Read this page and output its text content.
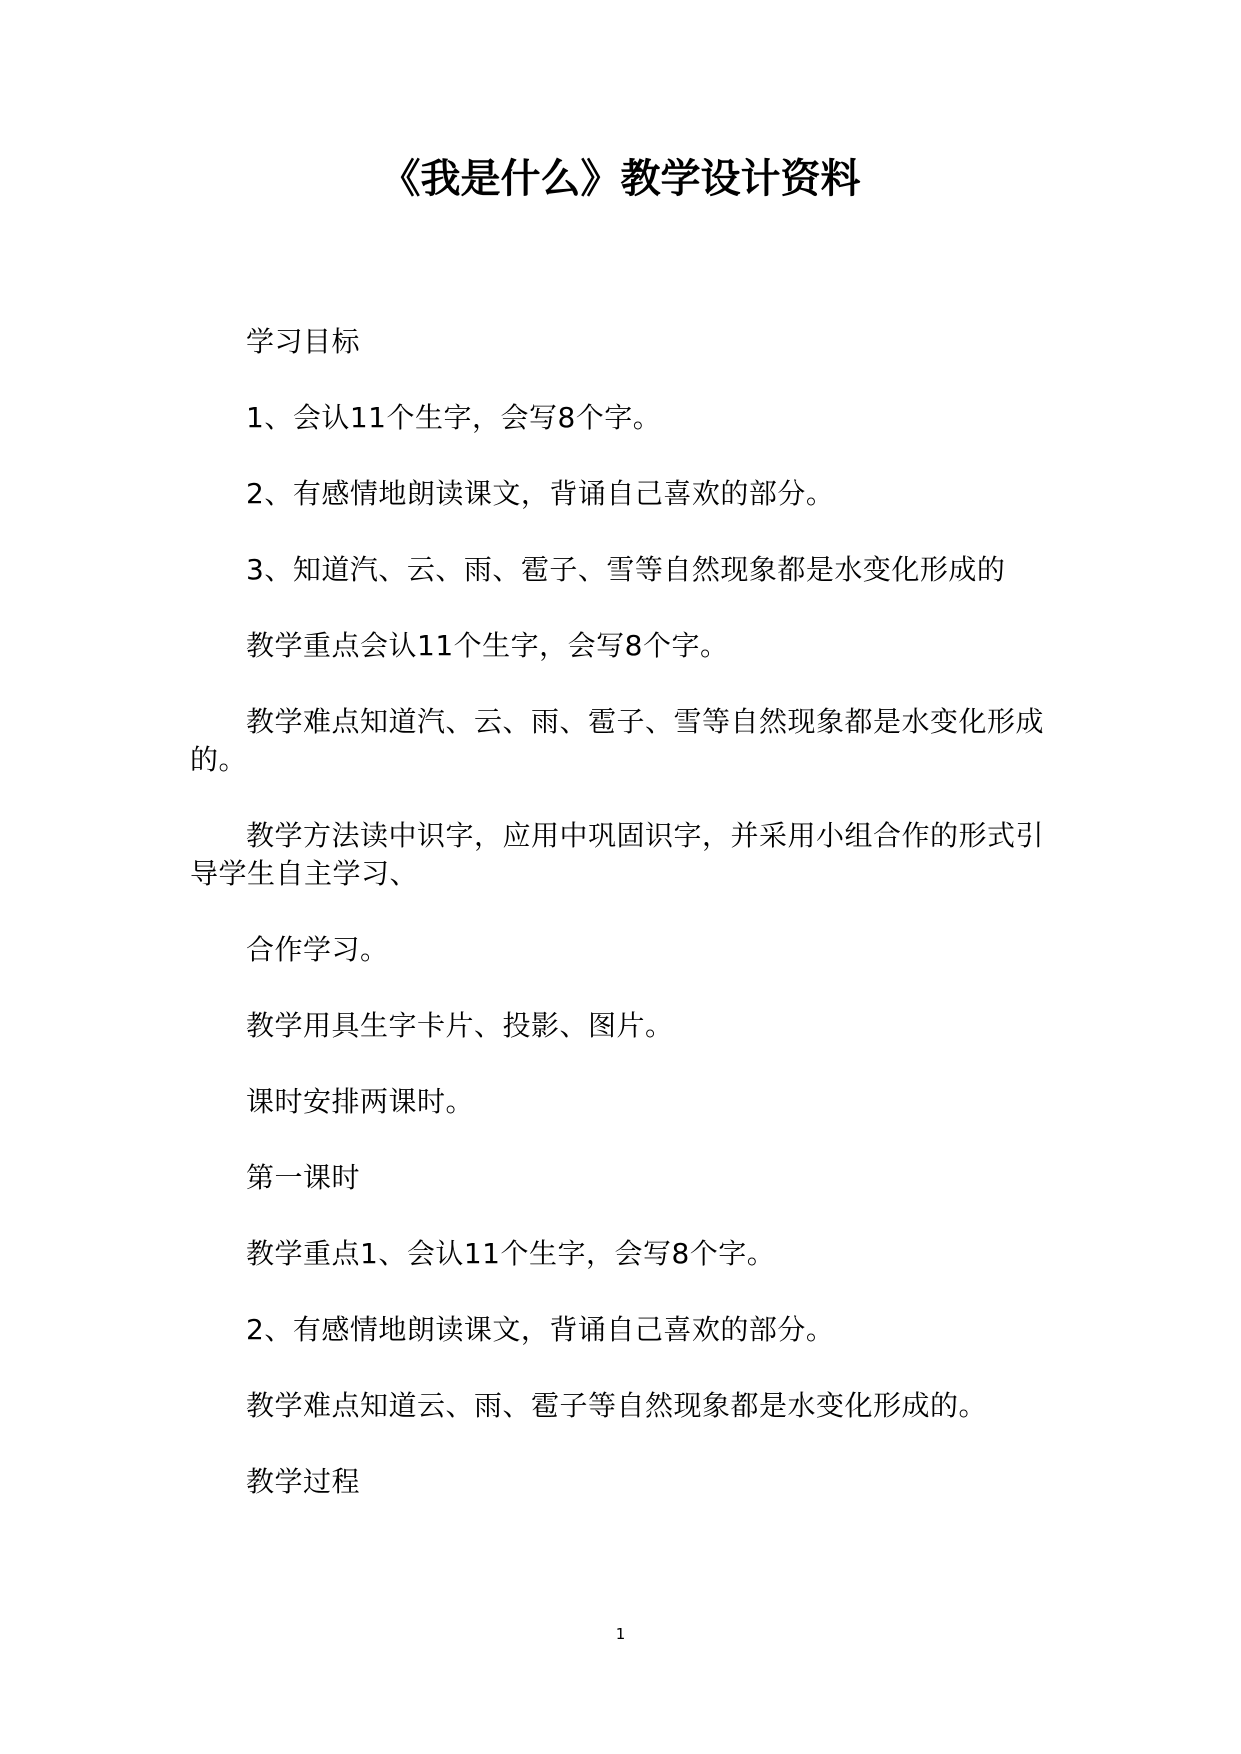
《我是什么》教学设计资料

学习目标

1、会认11个生字，会写8个字。

2、有感情地朗读课文，背诵自己喜欢的部分。

3、知道汽、云、雨、雹子、雪等自然现象都是水变化形成的

教学重点会认11个生字，会写8个字。

教学难点知道汽、云、雨、雹子、雪等自然现象都是水变化形成的。

教学方法读中识字，应用中巩固识字，并采用小组合作的形式引导学生自主学习、

合作学习。

教学用具生字卡片、投影、图片。

课时安排两课时。

第一课时

教学重点1、会认11个生字，会写8个字。

2、有感情地朗读课文，背诵自己喜欢的部分。

教学难点知道云、雨、雹子等自然现象都是水变化形成的。

教学过程

1
